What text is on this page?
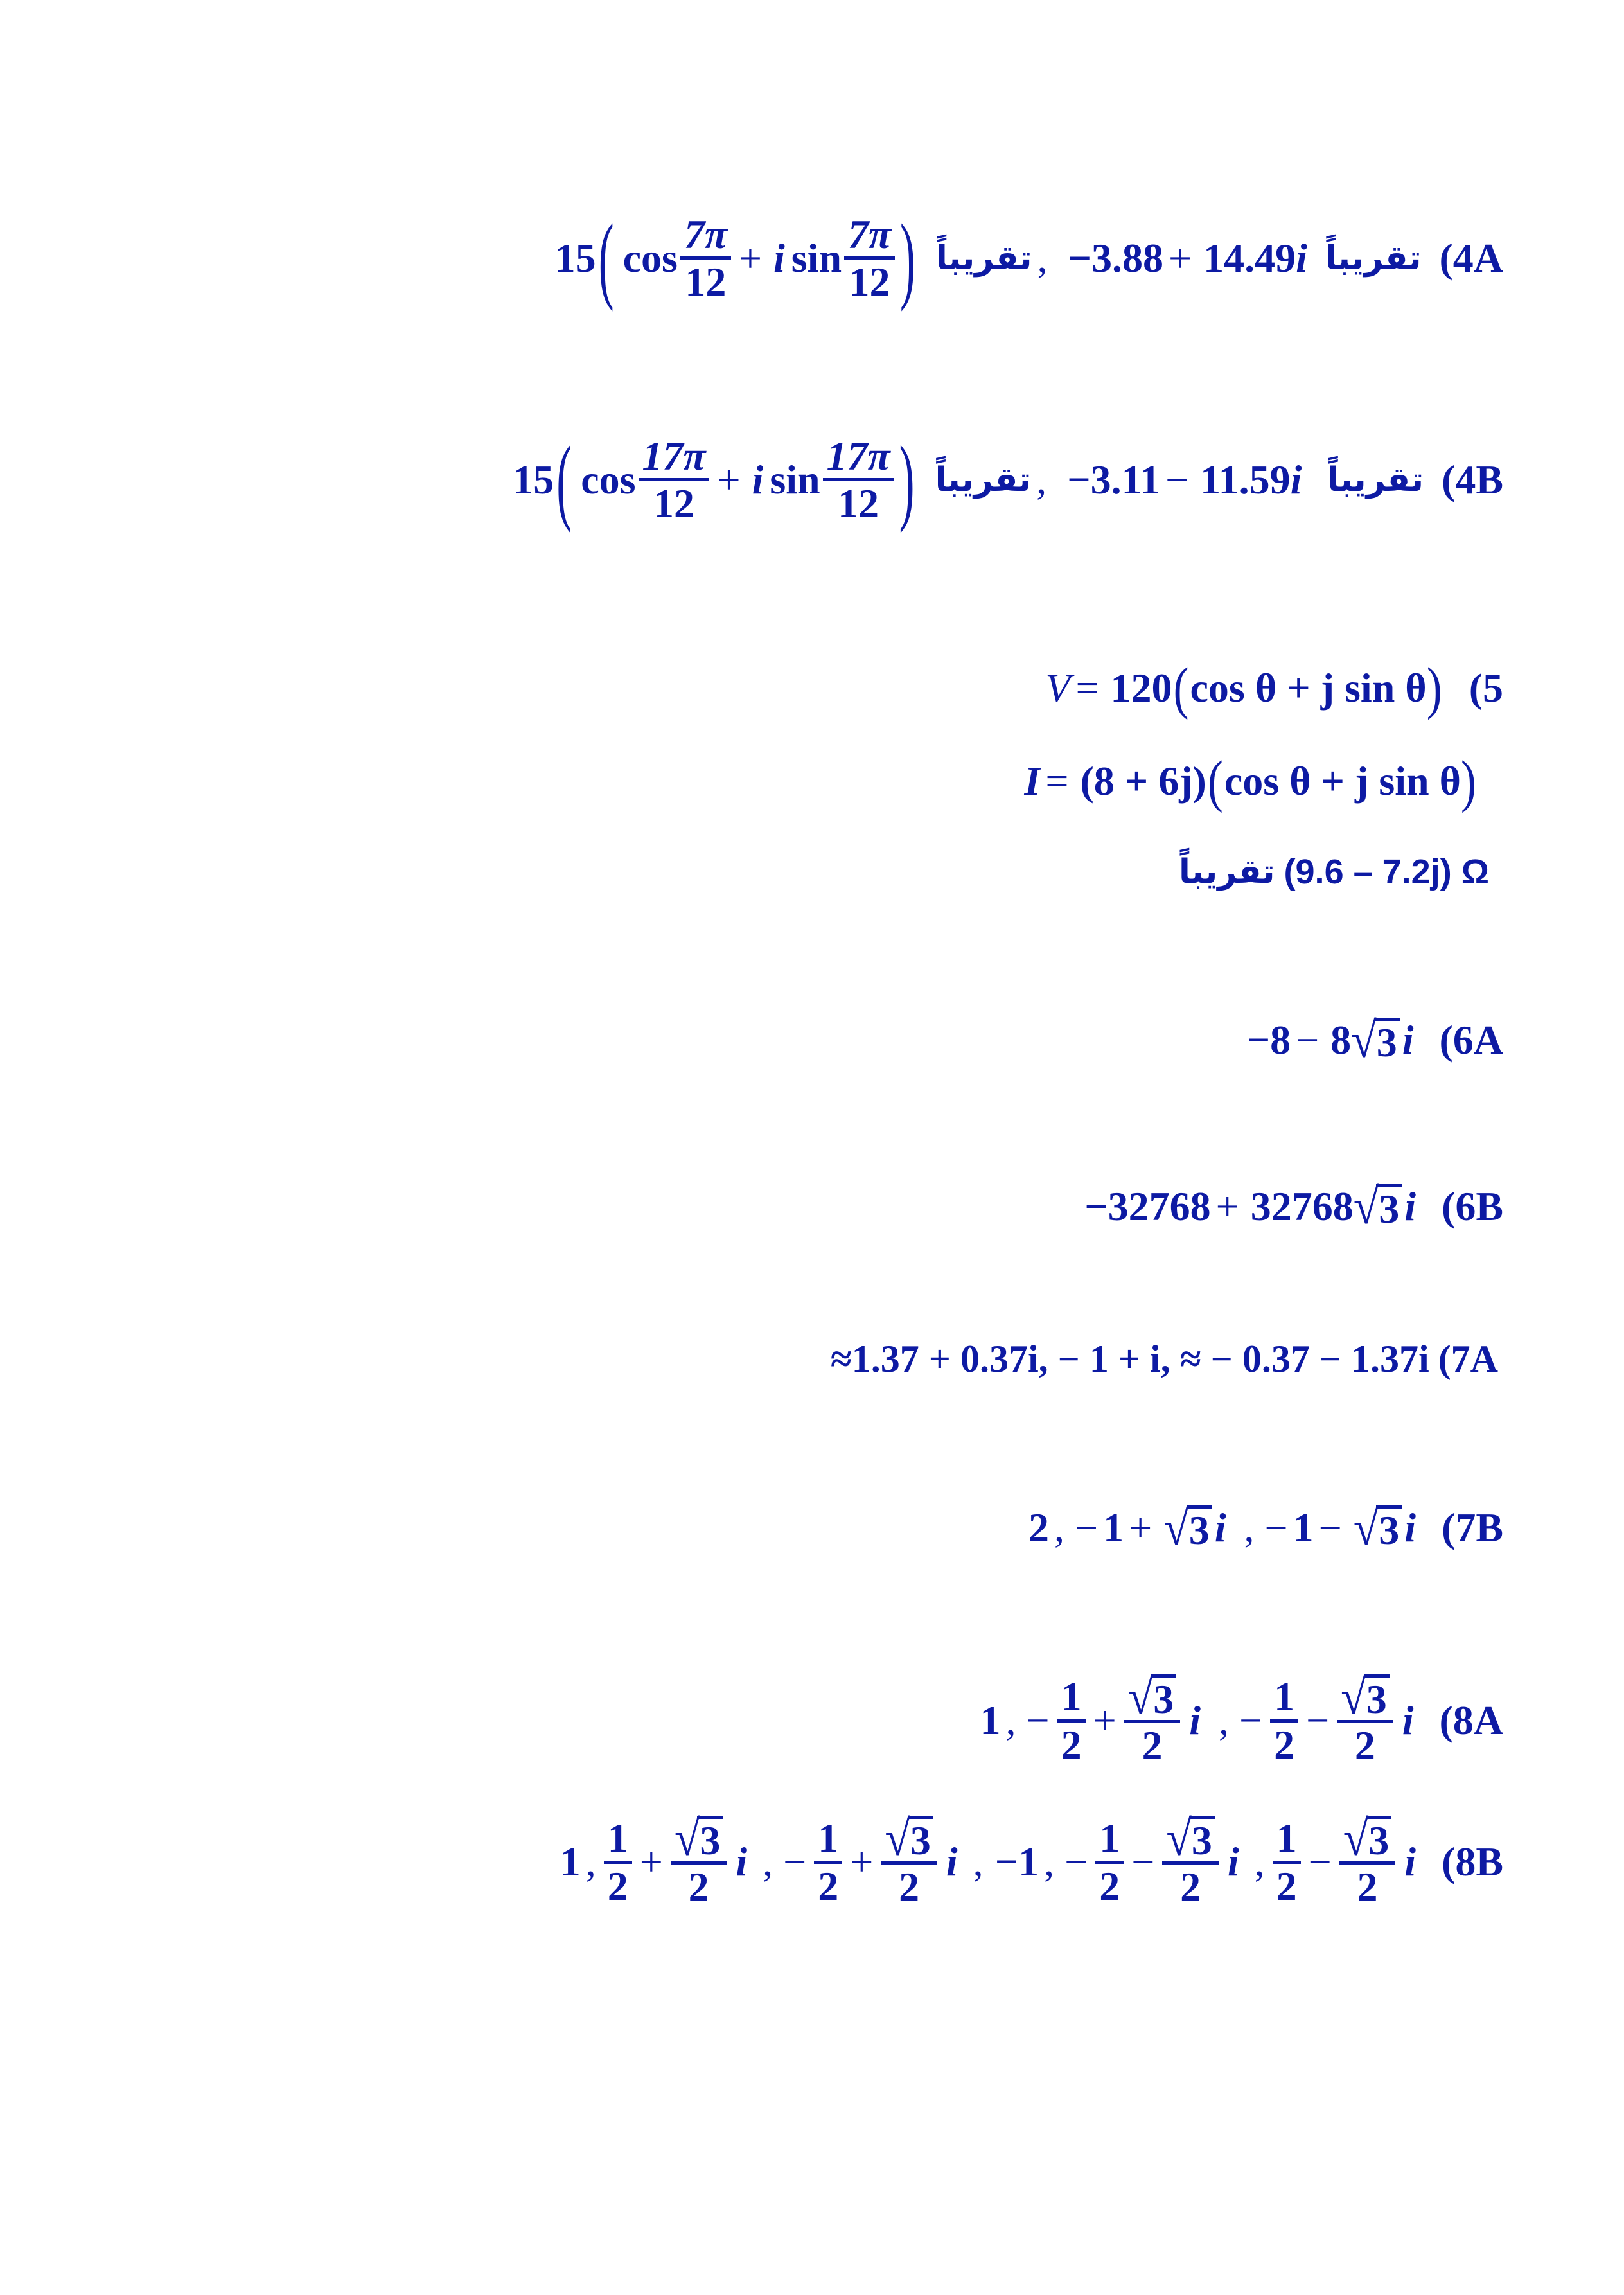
15 ( $\cos \frac{7\pi}{12} + i$ $\sin \frac{7\pi}{12}$ ) تقريباً , −3.88 + 14.49 i تقريباً (4A
15 ( $\cos \frac{17\pi}{12} + i$ $\sin \frac{17\pi}{12}$ ) تقريباً , −3.11 − 11.59 i تقريباً (4B
V = 120 ( cos θ + j sin θ ) (5
I = (8 + 6j) ( cos θ + j sin θ )
تقريباً (9.6 – 7.2j) Ω
−8 − 8 √ 3 i (6A
−32768 + 32768 √ 3 i (6B
≈1.37 + 0.37i, − 1 + i, ≈ − 0.37 − 1.37i (7A
2 , − 1 + √ 3 i , − 1 − √ 3 i (7B
1 , − $\frac{1}{2} + \frac{√ 3}{2}$ i , − $\frac{1}{2} - \frac{√ 3}{2}$ i (8A
1 , $\frac{1}{2} + \frac{√ 3}{2}$ i , − $\frac{1}{2} + \frac{√ 3}{2}$ i , −1 , − $\frac{1}{2} - \frac{√ 3}{2}$ i , $\frac{1}{2} - \frac{√ 3}{2}$ i (8B
